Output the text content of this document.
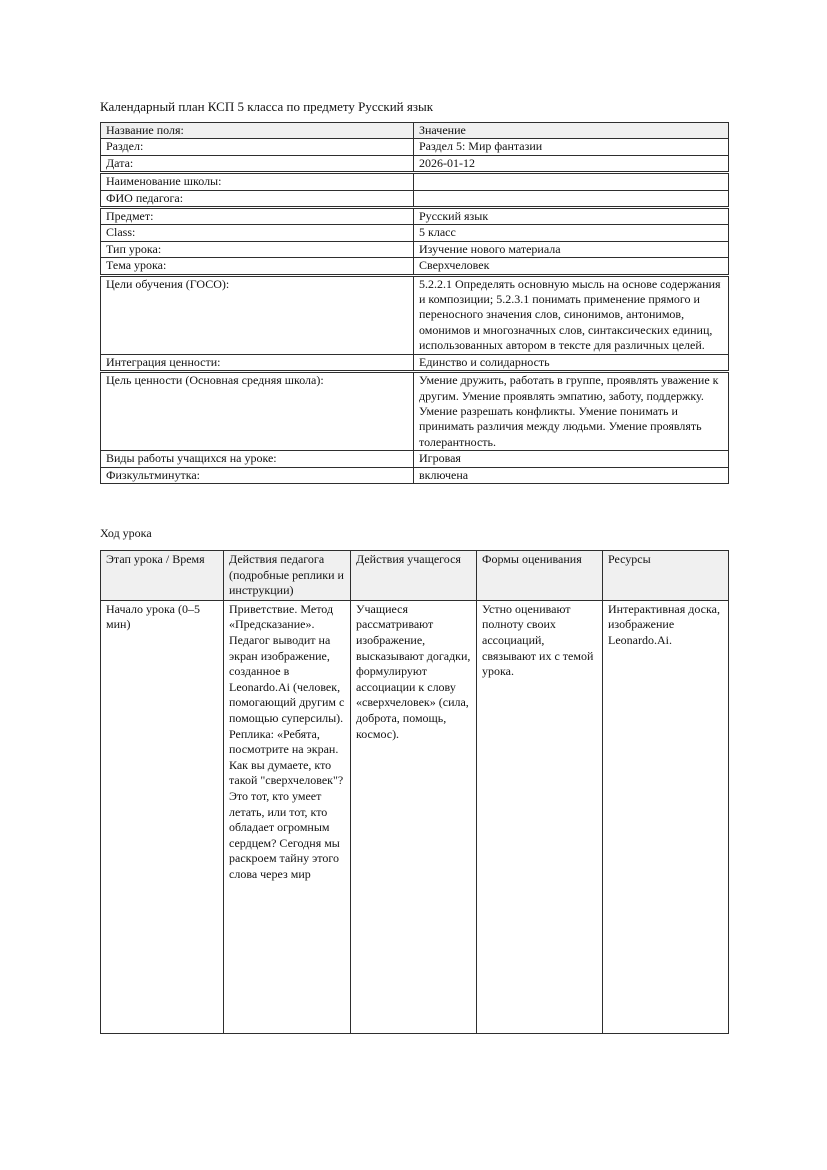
Календарный план КСП 5 класса по предмету Русский язык
Название поля:	Значение
Раздел:	Раздел 5: Мир фантазии
Дата:	2026-01-12
Наименование школы:	
ФИО педагога:	
Предмет:	Русский язык
Class:	5 класс
Тип урока:	Изучение нового материала
Тема урока:	Сверхчеловек
Цели обучения (ГОСО):	5.2.2.1 Определять основную мысль на основе содержания и композиции; 5.2.3.1 понимать применение прямого и переносного значения слов, синонимов, антонимов, омонимов и многозначных слов, синтаксических единиц, использованных автором в тексте для различных целей.
Интеграция ценности:	Единство и солидарность
Цель ценности (Основная средняя школа):	Умение дружить, работать в группе, проявлять уважение к другим. Умение проявлять эмпатию, заботу, поддержку. Умение разрешать конфликты. Умение понимать и принимать различия между людьми. Умение проявлять толерантность.
Виды работы учащихся на уроке:	Игровая
Физкультминутка:	включена
Ход урока
Этап урока / Время	Действия педагога (подробные реплики и инструкции)	Действия учащегося	Формы оценивания	Ресурсы

Начало урока (0–5 мин)	Приветствие. Метод «Предсказание». Педагог выводит на экран изображение, созданное в Leonardo.Ai (человек, помогающий другим с помощью суперсилы). Реплика: «Ребята, посмотрите на экран. Как вы думаете, кто такой "сверхчеловек"? Это тот, кто умеет летать, или тот, кто обладает огромным сердцем? Сегодня мы раскроем тайну этого слова через мир	Учащиеся рассматривают изображение, высказывают догадки, формулируют ассоциации к слову «сверхчеловек» (сила, доброта, помощь, космос).	Устно оценивают полноту своих ассоциаций, связывают их с темой урока.	Интерактивная доска, изображение Leonardo.Ai.
